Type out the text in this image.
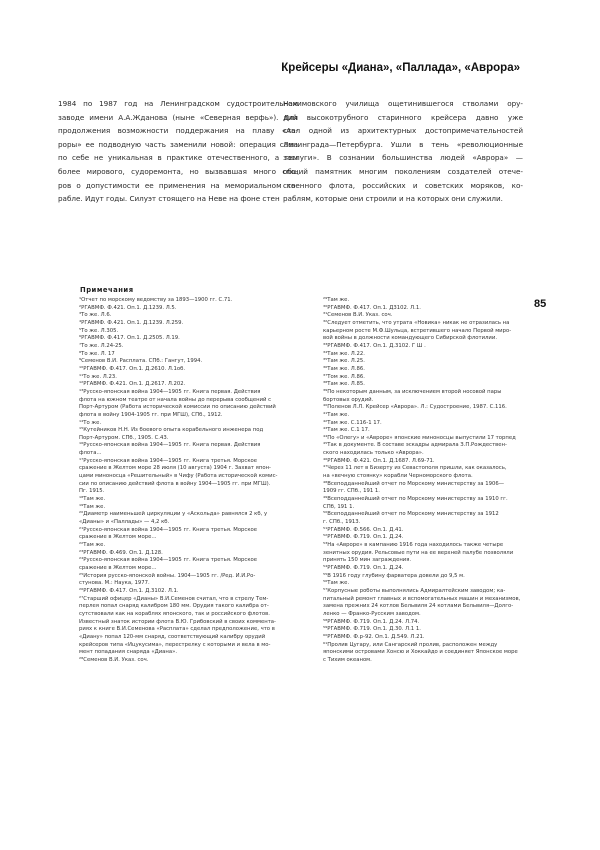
Крейсеры «Диана», «Паллада», «Аврора»
1984 по 1987 год на Ленинградском судостроительном
заводе имени А.А.Жданова (ныне «Северная верфь»). Для
продолжения возможности поддержания на плаву «Ав-
роры» ее подводную часть заменили новой: операция сама
по себе не уникальная в практике отечественного, а тем
более мирового, судоремонта, но вызвавшая много спо-
ров о допустимости ее применения на мемориальном ко-
рабле. Идут годы. Силуэт стоящего на Неве на фоне стен
Нахимовского училища ощетинившегося стволами ору-
дий высокотрубного старинного крейсера давно уже
стал одной из архитектурных достопримечательностей
Ленинграда—Петербурга. Ушли в тень «революционные
заслуги». В сознании большинства людей «Аврора» —
общий памятник многим поколениям создателей отече-
ственного флота, российских и советских моряков, ко-
раблям, которые они строили и на которых они служили.
Примечания
85
¹Отчет по морскому ведомству за 1893—1900 гг. С.71.
²РГАВМФ. Ф.421. Оп.1. Д.1239. Л.5.
³То же. Л.6.
⁴РГАВМФ. Ф.421. Оп.1. Д.1239. Л.259.
⁵То же. Л.305.
⁶РГАВМФ. Ф.417. Оп.1. Д.2505. Л.19.
⁷То же. Л.24-25.
⁸То же. Л. 17
⁹Семенов В.И. Расплата. СПб.: Гангут, 1994.
¹⁰РГАВМФ. Ф.417. Оп.1. Д.2610. Л.1об.
¹¹То же. Л.23.
¹²РГАВМФ. Ф.421. Оп.1. Д.2617. Л.202.
¹³Русско-японская война 1904—1905 гг. Книга первая. Действия
флота на южном театре от начала войны до перерыва сообщений с
Порт-Артуром (Работа исторической комиссии по описанию действий
флота в войну 1904-1905 гг. при МГШ), СПб., 1912.
¹⁴То же.
¹⁵Кутейников Н.Н. Из боевого опыта корабельного инженера под
Порт-Артуром. СПб., 1905. С.43.
¹⁶Русско-японская война 1904—1905 гг. Книга первая. Действия
флота...
¹⁷Русско-японская война 1904—1905 гг. Книга третья. Морское
сражение в Желтом море 28 июля (10 августа) 1904 г. Захват япон-
цами миноносца «Решительный» в Чифу (Работа исторической комис-
сии по описанию действий флота в войну 1904—1905 гг. при МГШ).
Пг. 1915.
¹⁸Там же.
¹⁹Там же.
²⁰Диаметр наименьшей циркуляции у «Аскольда» равнялся 2 кб, у
«Дианы» и «Паллады» — 4,2 кб.
²¹Русско-японская война 1904—1905 гг. Книга третья. Морское
сражение в Желтом море...
²²Там же.
²³РГАВМФ. Ф.469. Оп.1. Д.128.
²⁴Русско-японская война 1904—1905 гг. Книга третья. Морское
сражение в Желтом море...
²⁵История русско-японской войны. 1904—1905 гг. /Ред. И.И.Ро-
стунова. М.: Наука, 1977.
²⁶РГАВМФ. Ф.417. Оп.1. Д.3102. Л.1.
²⁷Старший офицер «Дианы» В.И.Семенов считал, что в стрелу Тем-
перлея попал снаряд калибром 180 мм. Орудия такого калибра от-
сутствовали как на кораблях японского, так и российского флотов.
Известный знаток истории флота В.Ю. Грибовский в своих коммента-
риях к книге В.И.Семенова «Расплата» сделал предположение, что в
«Диану» попал 120-мм снаряд, соответствующий калибру орудий
крейсеров типа «Ицукусима», перестрелку с которыми и вела в мо-
мент попадания снаряда «Диана».
²⁸Семенов В.И. Указ. соч.
²⁹Там же.
³⁰РГАВМФ. Ф.417. Оп.1. Д3102. Л.1.
³¹Семенов В.И. Указ. соч.
³²Следует отметить, что утрата «Новика» никак не отразилась на
карьерном росте М.Ф.Шульца, встретившего начало Первой миро-
вой войны в должности командующего Сибирской флотилии.
³³РГАВМФ. Ф.417. Оп.1. Д.3102. Г Ш .
³⁴Там же. Л.22.
³⁵Там же. Л.25.
³⁶Там же. Л.86.
³⁷Том же. Л.86.
³⁸Там же. Л.85.
³⁹По некоторым данным, за исключением второй носовой пары
бортовых орудий.
⁴⁰Поленов Л.Л. Крейсер «Аврора». Л.: Судостроение, 1987. С.116.
⁴¹Там же.
⁴²Там же. С.116-1 17.
⁴³Там же. С.1 17.
⁴⁴По «Олегу» и «Авроре» японские миноносцы выпустили 17 торпед
⁴⁵Так в документе. В составе эскадры адмирала З.П.Рождествен-
ского находилась только «Аврора».
⁴⁶РГАВМФ. Ф.421. Оп.1. Д.1687. Л.69-71.
⁴⁷Через 11 лет в Бизерту из Севастополя пришли, как оказалось,
на «вечную стоянку» корабли Черноморского флота.
⁴⁸Всеподданнейший отчет по Морскому министерству за 1906—
1909 гг. СПб., 191 1.
⁴⁹Всеподданнейший отчет по Морскому министерству за 1910 гг.
СПб, 191 1.
⁵⁰Всеподданнейший отчет по Морскому министерству за 1912
г. СПб., 1913.
⁵¹РГАВМФ. Ф.566. Оп.1. Д.41.
⁵²РГАВМФ. Ф.719. Оп.1. Д.24.
⁵³На «Авроре» в кампанию 1916 года находилось также четыре
зенитных орудия. Рельсовые пути на ее верхней палубе позволяли
принять 150 мин заграждения.
⁵⁴РГАВМФ. Ф.719. Оп.1. Д.24.
⁵⁵В 1916 году глубину фарватера довели до 9,5 м.
⁵⁶Там же.
⁵⁷Корпусные роботы выполнялись Адмиралтейским заводом; ка-
питальный ремонт главных и вспомогательных машин и механизмов,
замена прежних 24 котлов Бельвиля 24 котлами Бельвиля—Долго-
ленко — Франко-Русским заводом.
⁵⁸РГАВМФ. Ф.719. Оп.1. Д.24. Л.74.
⁵⁹РГАВМФ. Ф.719. Оп.1. Д.30. Л.1 1.
⁶⁰РГАВМФ. Ф.р-92. Оп.1. Д.549. Л.21.
⁶¹Пролив Цугару, или Сангарский пролив, расположен между
японскими островами Хонсю и Хоккайдо и соединяет Японское море
с Тихим океаном.
